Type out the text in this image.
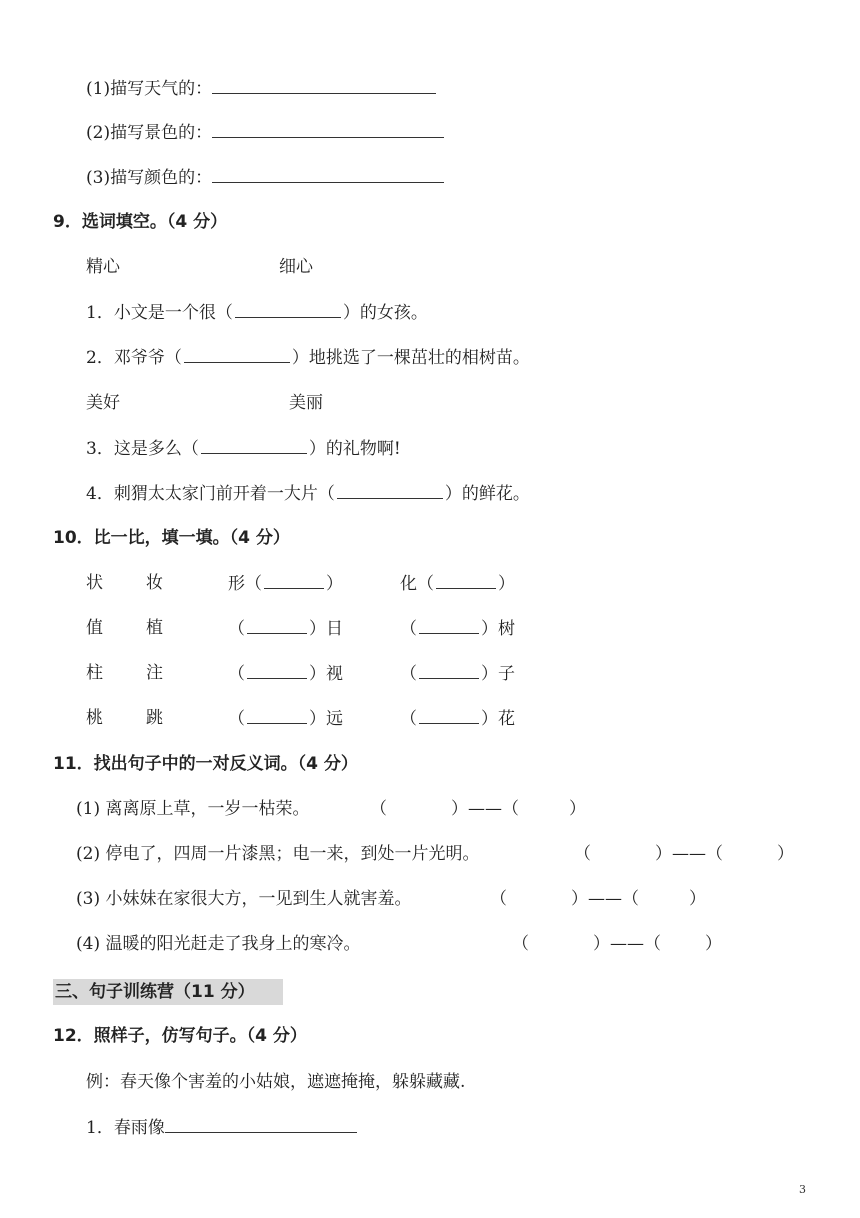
(1)描写天气的：
(2)描写景色的：
(3)描写颜色的：
9．选词填空。（4 分）
精心	细心
1．小文是一个很（	）的女孩。
2．邓爷爷（	）地挑选了一棵茁壮的相树苗。
美好	美丽
3．这是多么（	）的礼物啊!
4．刺猬太太家门前开着一大片（	）的鲜花。
10．比一比，填一填。（4 分）
状	妆	形（	）	化（	）
值	植	（	）日	（	）树
柱	注	（	）视	（	）子
桃	跳	（	）远	（	）花
11．找出句子中的一对反义词。（4 分）
(1) 离离原上草，一岁一枯荣。	（	）——（	）
(2) 停电了，四周一片漆黑；电一来，到处一片光明。	（	）——（	）
(3) 小妹妹在家很大方，一见到生人就害羞。	（	）——（	）
(4) 温暖的阳光赶走了我身上的寒冷。	（	）——（	）
三、句子训练营（11 分）
12．照样子，仿写句子。（4 分）
例：春天像个害羞的小姑娘，遮遮掩掩，躲躲藏藏.
1．春雨像
3
